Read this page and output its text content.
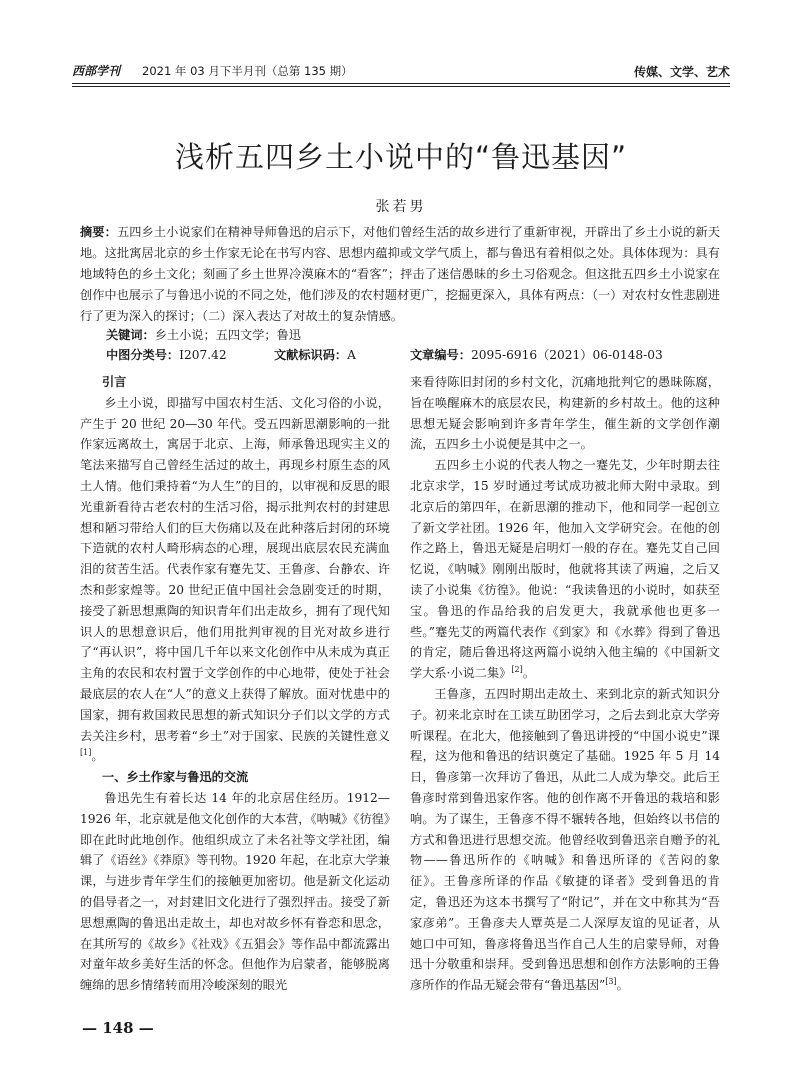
西部学刊 2021 年 03 月下半月刊（总第 135 期）	传媒、文学、艺术
浅析五四乡土小说中的“鲁迅基因”
张若男
摘要：五四乡土小说家们在精神导师鲁迅的启示下，对他们曾经生活的故乡进行了重新审视，开辟出了乡土小说的新天地。这批寓居北京的乡土作家无论在书写内容、思想内蕴抑或文学气质上，都与鲁迅有着相似之处。具体体现为：具有地域特色的乡土文化；刻画了乡土世界冷漠麻木的“看客”；抨击了迷信愚昧的乡土习俗观念。但这批五四乡土小说家在创作中也展示了与鲁迅小说的不同之处，他们涉及的农村题材更广，挖掘更深入，具体有两点：（一）对农村女性悲剧进行了更为深入的探讨；（二）深入表达了对故土的复杂情感。
关键词：乡土小说；五四文学；鲁迅
中图分类号：I207.42	文献标识码：A	文章编号：2095-6916（2021）06-0148-03
引言

乡土小说，即描写中国农村生活、文化习俗的小说，产生于 20 世纪 20—30 年代。受五四新思潮影响的一批作家远离故土，寓居于北京、上海，师承鲁迅现实主义的笔法来描写自己曾经生活过的故土，再现乡村原生态的风土人情。他们秉持着“为人生”的目的，以审视和反思的眼光重新看待古老农村的生活习俗，揭示批判农村的封建思想和陋习带给人们的巨大伤痛以及在此种落后封闭的环境下造就的农村人畸形病态的心理，展现出底层农民充满血泪的贫苦生活。代表作家有蹇先艾、王鲁彦、台静农、许杰和彭家煌等。20 世纪正值中国社会急剧变迁的时期，接受了新思想熏陶的知识青年们出走故乡，拥有了现代知识人的思想意识后，他们用批判审视的目光对故乡进行了“再认识”，将中国几千年以来文化创作中从未成为真正主角的农民和农村置于文学创作的中心地带，使处于社会最底层的农人在“人”的意义上获得了解放。面对忧患中的国家，拥有救国救民思想的新式知识分子们以文学的方式去关注乡村，思考着“乡土”对于国家、民族的关键性意义[1]。

一、乡土作家与鲁迅的交流

鲁迅先生有着长达 14 年的北京居住经历。1912—1926 年，北京就是他文化创作的大本营，《呐喊》《彷徨》即在此时此地创作。他组织成立了未名社等文学社团，编辑了《语丝》《莽原》等刊物。1920 年起，在北京大学兼课，与进步青年学生们的接触更加密切。他是新文化运动的倡导者之一，对封建旧文化进行了强烈抨击。接受了新思想熏陶的鲁迅出走故土，却也对故乡怀有眷恋和思念，在其所写的《故乡》《社戏》《五猖会》等作品中都流露出对童年故乡美好生活的怀念。但他作为启蒙者，能够脱离缠绵的思乡情绪转而用冷峻深刻的眼光

来看待陈旧封闭的乡村文化，沉痛地批判它的愚昧陈腐，旨在唤醒麻木的底层农民，构建新的乡村故土。他的这种思想无疑会影响到许多青年学生，催生新的文学创作潮流，五四乡土小说便是其中之一。

五四乡土小说的代表人物之一蹇先艾，少年时期去往北京求学，15 岁时通过考试成功被北师大附中录取。到北京后的第四年，在新思潮的推动下，他和同学一起创立了新文学社团。1926 年，他加入文学研究会。在他的创作之路上，鲁迅无疑是启明灯一般的存在。蹇先艾自己回忆说，《呐喊》刚刚出版时，他就将其读了两遍，之后又读了小说集《彷徨》。他说：“我读鲁迅的小说时，如获至宝。鲁迅的作品给我的启发更大，我就承他也更多一些。”蹇先艾的两篇代表作《到家》和《水葬》得到了鲁迅的肯定，随后鲁迅将这两篇小说纳入他主编的《中国新文学大系·小说二集》[2]。

王鲁彦，五四时期出走故土、来到北京的新式知识分子。初来北京时在工读互助团学习，之后去到北京大学旁听课程。在北大，他接触到了鲁迅讲授的“中国小说史”课程，这为他和鲁迅的结识奠定了基础。1925 年 5 月 14 日，鲁彦第一次拜访了鲁迅，从此二人成为挚交。此后王鲁彦时常到鲁迅家作客。他的创作离不开鲁迅的栽培和影响。为了谋生，王鲁彦不得不辗转各地，但始终以书信的方式和鲁迅进行思想交流。他曾经收到鲁迅亲自赠予的礼物——鲁迅所作的《呐喊》和鲁迅所译的《苦闷的象征》。王鲁彦所译的作品《敏捷的译者》受到鲁迅的肯定，鲁迅还为这本书撰写了“附记”，并在文中称其为“吾家彦弟”。王鲁彦夫人覃英是二人深厚友谊的见证者，从她口中可知，鲁彦将鲁迅当作自己人生的启蒙导师，对鲁迅十分敬重和崇拜。受到鲁迅思想和创作方法影响的王鲁彦所作的作品无疑会带有“鲁迅基因”[3]。

— 148 —
